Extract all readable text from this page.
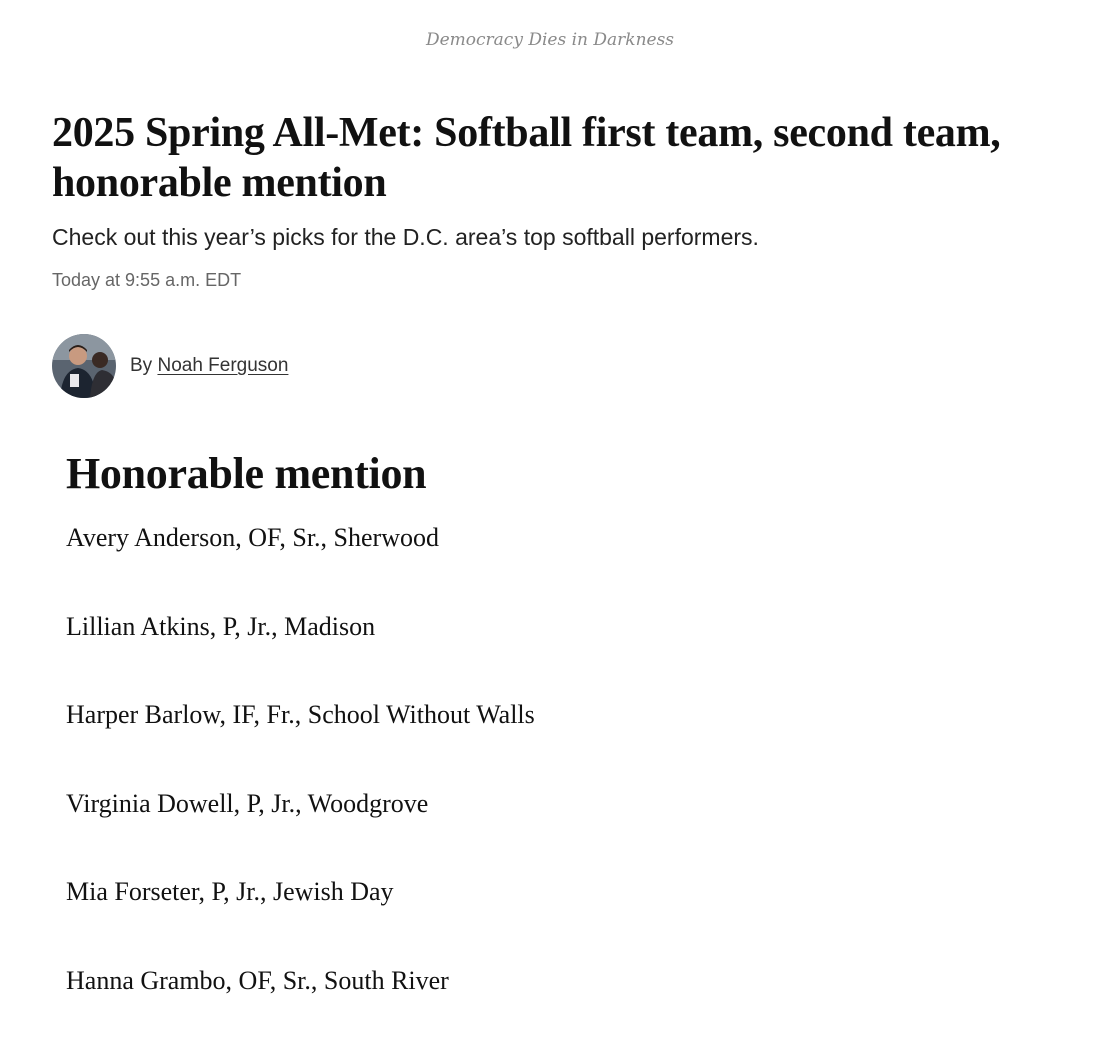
Democracy Dies in Darkness
2025 Spring All-Met: Softball first team, second team, honorable mention
Check out this year’s picks for the D.C. area’s top softball performers.
Today at 9:55 a.m. EDT
By Noah Ferguson
Honorable mention
Avery Anderson, OF, Sr., Sherwood
Lillian Atkins, P, Jr., Madison
Harper Barlow, IF, Fr., School Without Walls
Virginia Dowell, P, Jr., Woodgrove
Mia Forseter, P, Jr., Jewish Day
Hanna Grambo, OF, Sr., South River
